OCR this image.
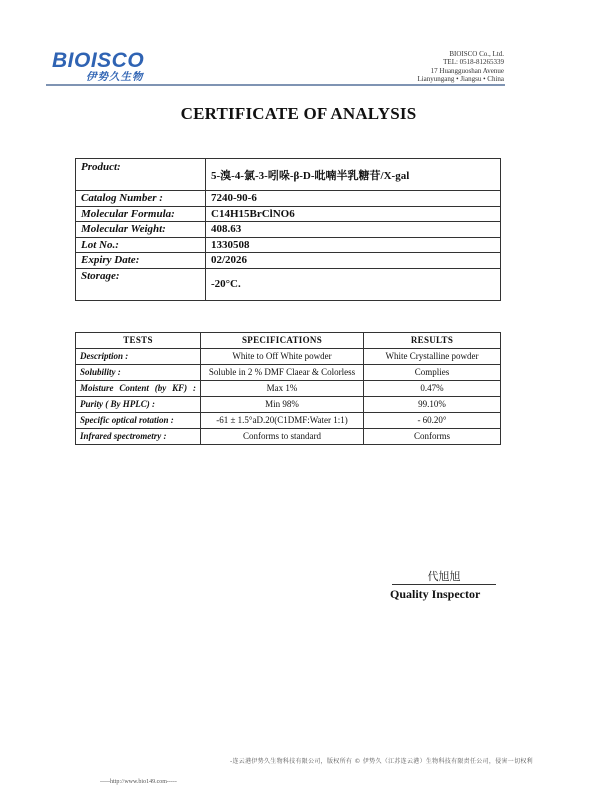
BIOISCO
伊势久生物
BIOISCO Co., Ltd.
TEL: 0518-81265339
17 Huangguoshan Avenue
Lianyungang • Jiangsu • China
CERTIFICATE OF ANALYSIS
Product:	5-溴-4-氯-3-吲哚-β-D-吡喃半乳糖苷/X-gal
Catalog Number :	7240-90-6
Molecular Formula:	C14H15BrClNO6
Molecular Weight:	408.63
Lot No.:	1330508
Expiry Date:	02/2026
Storage:	-20°C.
TESTS	SPECIFICATIONS	RESULTS
Description :	White to Off White powder	White Crystalline powder
Solubility :	Soluble in 2 % DMF Claear & Colorless	Complies
Moisture Content (by KF) :	Max 1%	0.47%
Purity ( By HPLC) :	Min 98%	99.10%
Specific optical rotation :	-61 ± 1.5°aD.20(C1DMF:Water 1:1)	- 60.20°
Infrared spectrometry :	Conforms to standard	Conforms
代旭旭
Quality Inspector
-连云港伊势久生物科技有限公司，版权所有 © 伊势久（江苏连云港）生物科技有限责任公司，侵害一切权利
-----http://www.bio149.com-----
